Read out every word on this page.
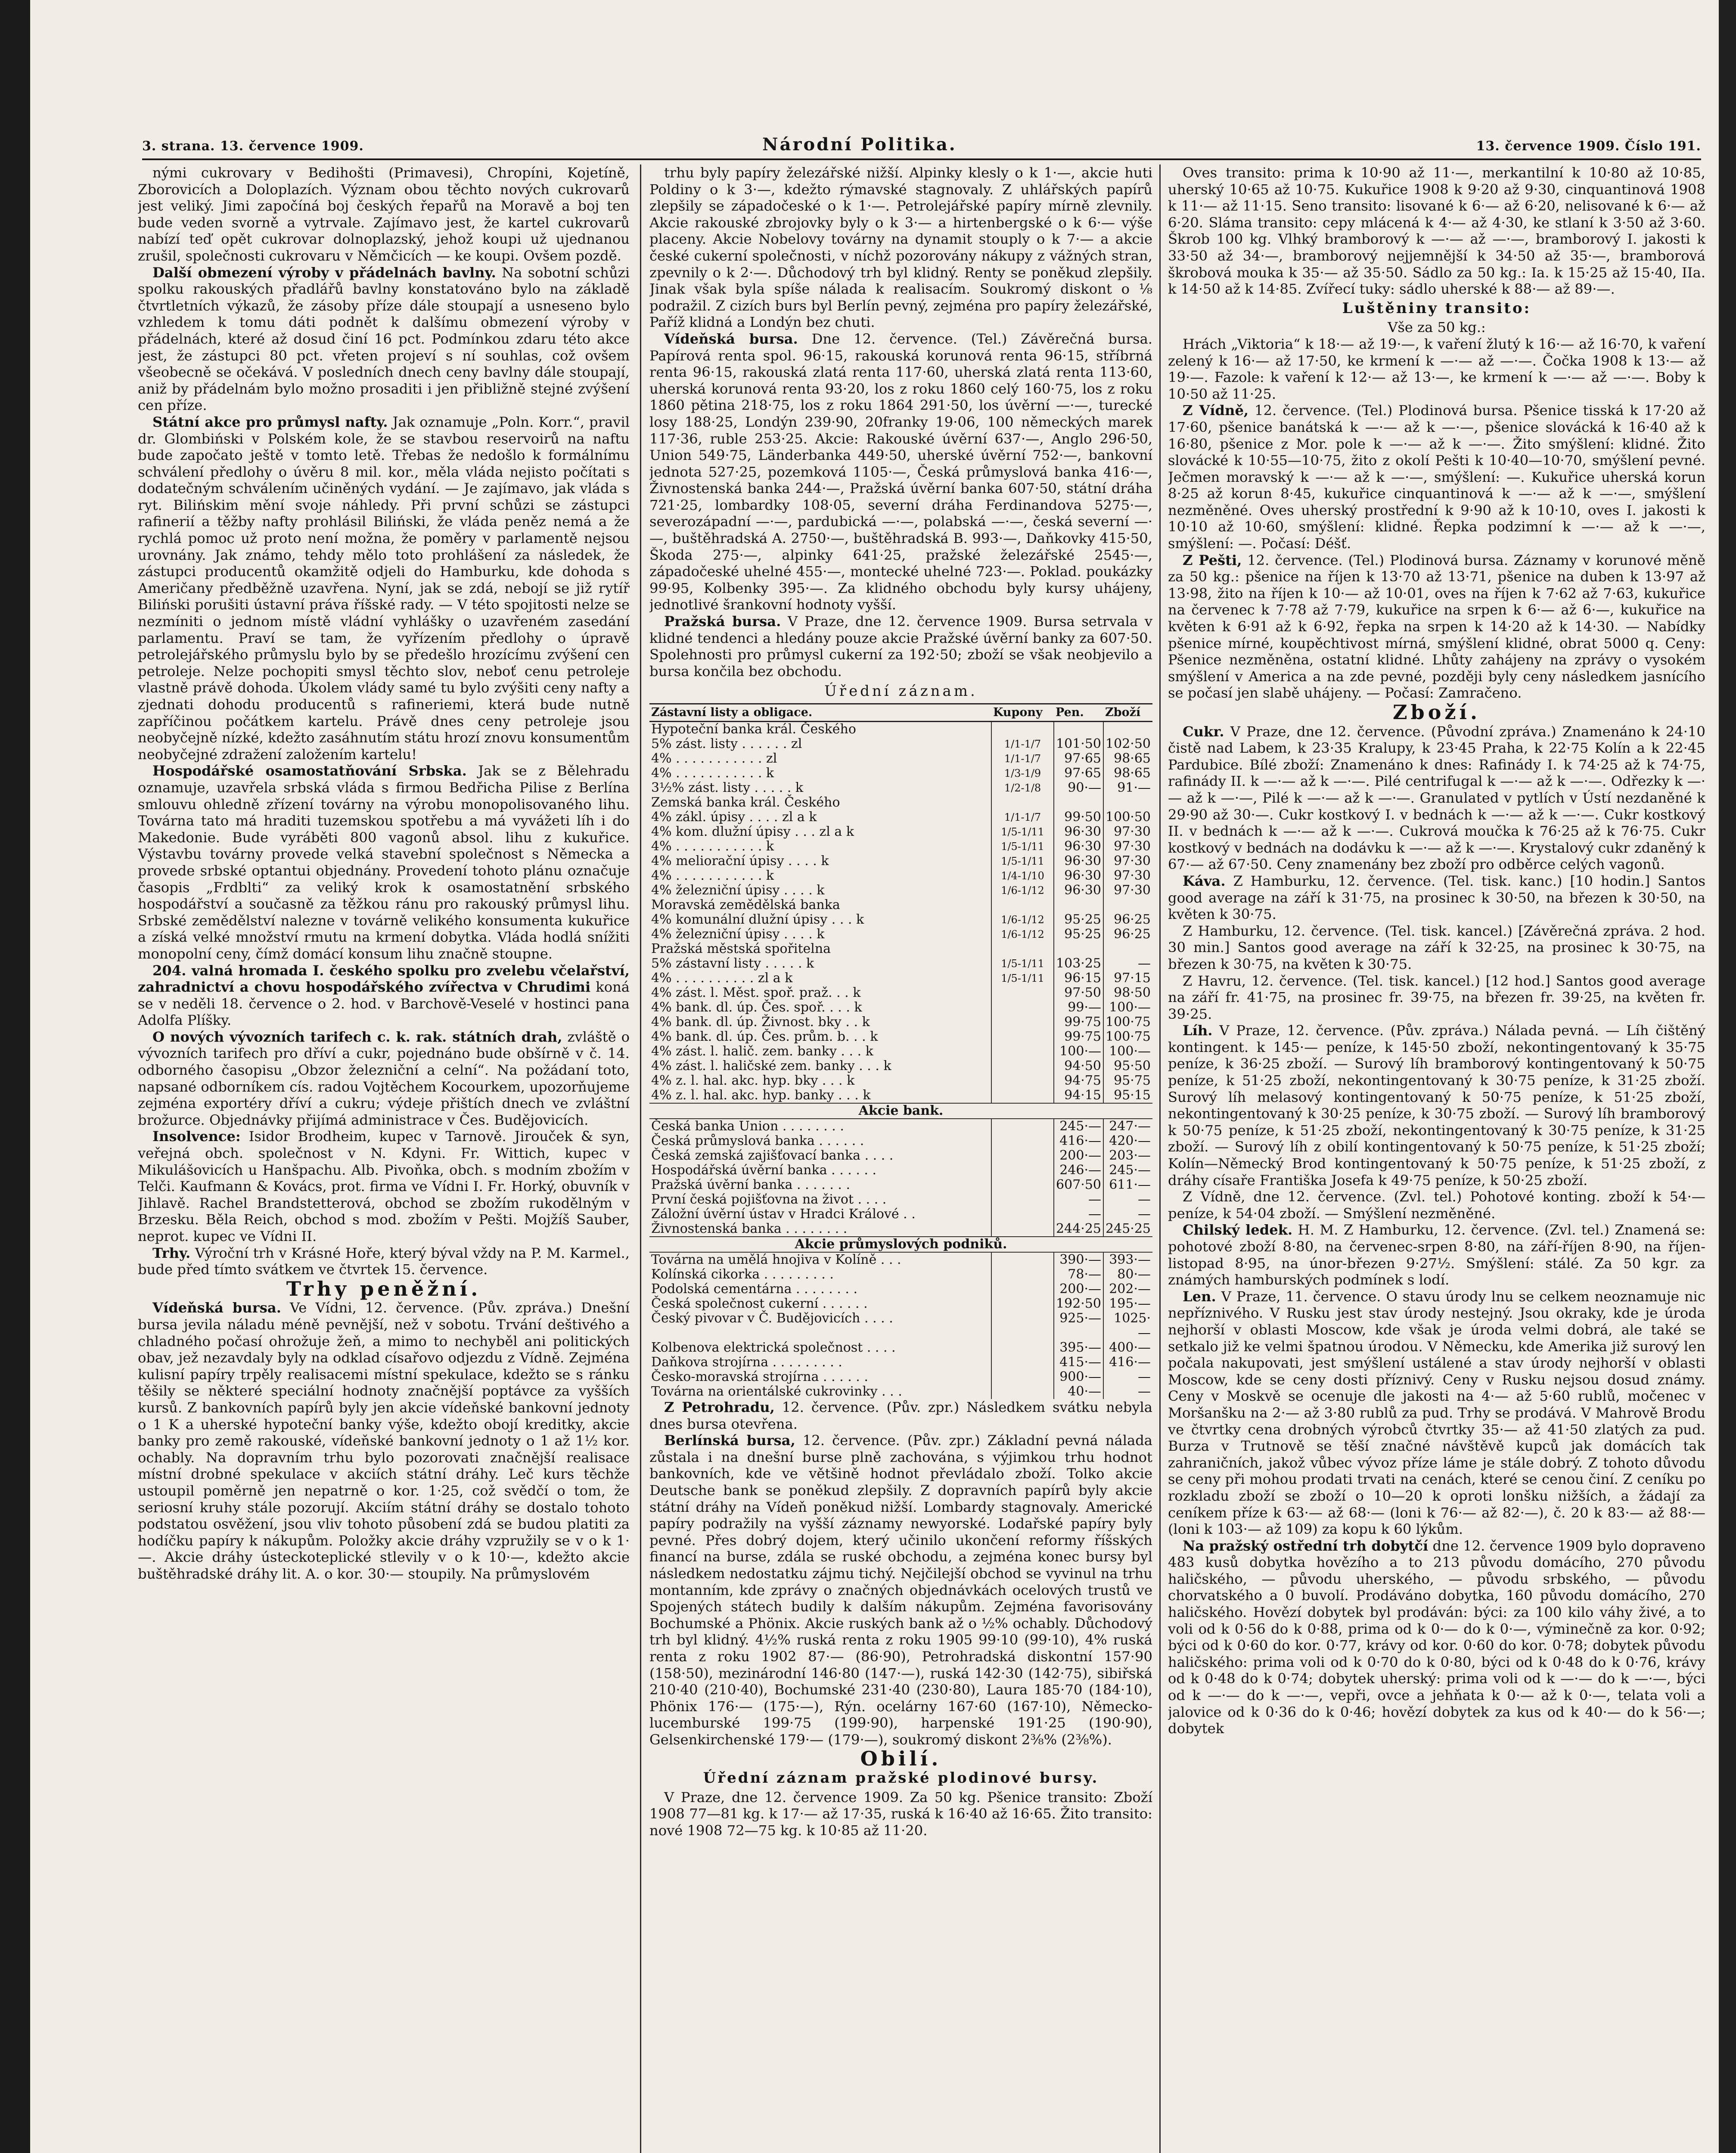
3. strana. 13. července 1909.	Národní Politika.	13. července 1909. Číslo 191.

nými cukrovary v Bedihošti (Primavesi), Chropíni, Kojetíně, Zborovicích a Doloplazích. Význam obou těchto nových cukrovarů jest veliký. Jimi započíná boj českých řepařů na Moravě a boj ten bude veden svorně a vytrvale. Zajímavo jest, že kartel cukrovarů nabízí teď opět cukrovar dolnoplazský, jehož koupi už ujednanou zrušil, společnosti cukrovaru v Němčicích — ke koupi. Ovšem pozdě.

Další obmezení výroby v přádelnách bavlny. Na sobotní schůzi spolku rakouských přadlářů bavlny konstatováno bylo na základě čtvrtletních výkazů, že zásoby příze dále stoupají a usneseno bylo vzhledem k tomu dáti podnět k dalšímu obmezení výroby v přádelnách, které až dosud činí 16 pct. Podmínkou zdaru této akce jest, že zástupci 80 pct. vřeten projeví s ní souhlas, což ovšem všeobecně se očekává. V posledních dnech ceny bavlny dále stoupají, aniž by přádelnám bylo možno prosaditi i jen přibližně stejné zvýšení cen příze.

Státní akce pro průmysl nafty. Jak oznamuje „Poln. Korr.“, pravil dr. Glombiński v Polském kole, že se stavbou reservoirů na naftu bude započato ještě v tomto letě. Třebas že nedošlo k formálnímu schválení předlohy o úvěru 8 mil. kor., měla vláda nejisto počítati s dodatečným schválením učiněných vydání. — Je zajímavo, jak vláda s ryt. Bilińskim mění svoje náhledy. Při první schůzi se zástupci rafinerií a těžby nafty prohlásil Biliński, že vláda peněz nemá a že rychlá pomoc už proto není možna, že poměry v parlamentě nejsou urovnány. Jak známo, tehdy mělo toto prohlášení za následek, že zástupci producentů okamžitě odjeli do Hamburku, kde dohoda s Američany předběžně uzavřena. Nyní, jak se zdá, nebojí se již rytíř Biliński porušiti ústavní práva říšské rady. — V této spojitosti nelze se nezmíniti o jednom místě vládní vyhlášky o uzavřeném zasedání parlamentu. Praví se tam, že vyřízením předlohy o úpravě petrolejářského průmyslu bylo by se předešlo hrozícímu zvýšení cen petroleje. Nelze pochopiti smysl těchto slov, neboť cenu petroleje vlastně právě dohoda. Úkolem vlády samé tu bylo zvýšiti ceny nafty a zjednati dohodu producentů s rafineriemi, která bude nutně zapříčinou počátkem kartelu. Právě dnes ceny petroleje jsou neobyčejně nízké, kdežto zasáhnutím státu hrozí znovu konsumentům neobyčejné zdražení založením kartelu!

Hospodářské osamostatňování Srbska. Jak se z Bělehradu oznamuje, uzavřela srbská vláda s firmou Bedřicha Pilise z Berlína smlouvu ohledně zřízení továrny na výrobu monopolisovaného lihu. Továrna tato má hraditi tuzemskou spotřebu a má vyvážeti líh i do Makedonie. Bude vyráběti 800 vagonů absol. lihu z kukuřice. Výstavbu továrny provede velká stavební společnost s Německa a provede srbské optantui objednány. Provedení tohoto plánu označuje časopis „Frdblti“ za veliký krok k osamostatnění srbského hospodářství a současně za těžkou ránu pro rakouský průmysl lihu. Srbské zemědělství nalezne v továrně velikého konsumenta kukuřice a získá velké množství rmutu na krmení dobytka. Vláda hodlá snížiti monopolní ceny, čímž domácí konsum lihu značně stoupne.

204. valná hromada I. českého spolku pro zvelebu včelařství, zahradnictví a chovu hospodářského zvířectva v Chrudimi koná se v neděli 18. července o 2. hod. v Barchově-Veselé v hostinci pana Adolfa Plíšky.

O nových vývozních tarifech c. k. rak. státních drah, zvláště o vývozních tarifech pro dříví a cukr, pojednáno bude obšírně v č. 14. odborného časopisu „Obzor železniční a celní“. Na požádaní toto, napsané odborníkem cís. radou Vojtěchem Kocourkem, upozorňujeme zejména exportéry dříví a cukru; výdeje přištích dnech ve zvláštní brožurce. Objednávky přijímá administrace v Čes. Budějovicích.

Insolvence: Isidor Brodheim, kupec v Tarnově. Jirouček & syn, veřejná obch. společnost v N. Kdyni. Fr. Wittich, kupec v Mikulášovicích u Hanšpachu. Alb. Pivoňka, obch. s modním zbožím v Telči. Kaufmann & Kovács, prot. firma ve Vídni I. Fr. Horký, obuvník v Jihlavě. Rachel Brandstetterová, obchod se zbožím rukodělným v Brzesku. Běla Reich, obchod s mod. zbožím v Pešti. Mojžíš Sauber, neprot. kupec ve Vídni II.

Trhy. Výroční trh v Krásné Hoře, který býval vždy na P. M. Karmel., bude před tímto svátkem ve čtvrtek 15. července.

Trhy peněžní.

Vídeňská bursa. Ve Vídni, 12. července. (Pův. zpráva.) Dnešní bursa jevila náladu méně pevnější, než v sobotu. Trvání deštivého a chladného počasí ohrožuje žeň, a mimo to nechyběl ani politických obav, jež nezavdaly byly na odklad císařovo odjezdu z Vídně. Zejména kulisní papíry trpěly realisacemi místní spekulace, kdežto se s ránku těšily se některé speciální hodnoty značnější poptávce za vyšších kursů. Z bankovních papírů byly jen akcie vídeňské bankovní jednoty o 1 K a uherské hypoteční banky výše, kdežto obojí kreditky, akcie banky pro země rakouské, vídeňské bankovní jednoty o 1 až 1½ kor. ochably. Na dopravním trhu bylo pozorovati značnější realisace místní drobné spekulace v akciích státní dráhy. Leč kurs těchže ustoupil poměrně jen nepatrně o kor. 1·25, což svědčí o tom, že seriosní kruhy stále pozorují. Akciím státní dráhy se dostalo tohoto podstatou osvěžení, jsou vliv tohoto působení zdá se budou platiti za hodíčku papíry k nákupům. Položky akcie dráhy vzpružily se v o k 1·—. Akcie dráhy ústeckoteplické stlevily v o k 10·—, kdežto akcie buštěhradské dráhy lit. A. o kor. 30·— stoupily. Na průmyslovém

trhu byly papíry železářské nižší. Alpinky klesly o k 1·—, akcie huti Poldiny o k 3·—, kdežto rýmavské stagnovaly. Z uhlářských papírů zlepšily se západočeské o k 1·—. Petrolejářské papíry mírně zlevnily. Akcie rakouské zbrojovky byly o k 3·— a hirtenbergské o k 6·— výše placeny. Akcie Nobelovy továrny na dynamit stouply o k 7·— a akcie české cukerní společnosti, v níchž pozorovány nákupy z vážných stran, zpevnily o k 2·—. Důchodový trh byl klidný. Renty se poněkud zlepšily. Jinak však byla spíše nálada k realisacím. Soukromý diskont o ⅛ podražil. Z cizích burs byl Berlín pevný, zejména pro papíry železářské, Paříž klidná a Londýn bez chuti.

Vídeňská bursa. Dne 12. července. (Tel.) Závěrečná bursa. Papírová renta spol. 96·15, rakouská korunová renta 96·15, stříbrná renta 96·15, rakouská zlatá renta 117·60, uherská zlatá renta 113·60, uherská korunová renta 93·20, los z roku 1860 celý 160·75, los z roku 1860 pětina 218·75, los z roku 1864 291·50, los úvěrní —·—, turecké losy 188·25, Londýn 239·90, 20franky 19·06, 100 německých marek 117·36, ruble 253·25. Akcie: Rakouské úvěrní 637·—, Anglo 296·50, Union 549·75, Länderbanka 449·50, uherské úvěrní 752·—, bankovní jednota 527·25, pozemková 1105·—, Česká průmyslová banka 416·—, Živnostenská banka 244·—, Pražská úvěrní banka 607·50, státní dráha 721·25, lombardky 108·05, severní dráha Ferdinandova 5275·—, severozápadní —·—, pardubická —·—, polabská —·—, česká severní —·—, buštěhradská A. 2750·—, buštěhradská B. 993·—, Daňkovky 415·50, Škoda 275·—, alpinky 641·25, pražské železářské 2545·—, západočeské uhelné 455·—, montecké uhelné 723·—. Poklad. poukázky 99·95, Kolbenky 395·—. Za klidného obchodu byly kursy uhájeny, jednotlivé šrankovní hodnoty vyšší.

Pražská bursa. V Praze, dne 12. července 1909. Bursa setrvala v klidné tendenci a hledány pouze akcie Pražské úvěrní banky za 607·50. Spolehnosti pro průmysl cukerní za 192·50; zboží se však neobjevilo a bursa končila bez obchodu.

Úřední záznam.
Zástavní listy a obligace.	Kupony	Pen.	Zboží
Hypoteční banka král. Českého			
5% zást. listy . . . . . . zl	1/1-1/7	101·50	102·50
4% . . . . . . . . . . . zl	1/1-1/7	97·65	98·65
4% . . . . . . . . . . . k	1/3-1/9	97·65	98·65
3½% zást. listy . . . . . k	1/2-1/8	90·—	91·—
Zemská banka král. Českého			
4% zákl. úpisy . . . . zl a k	1/1-1/7	99·50	100·50
4% kom. dlužní úpisy . . . zl a k	1/5-1/11	96·30	97·30
4% . . . . . . . . . . . k	1/5-1/11	96·30	97·30
4% meliorační úpisy . . . . k	1/5-1/11	96·30	97·30
4% . . . . . . . . . . . k	1/4-1/10	96·30	97·30
4% železniční úpisy . . . . k	1/6-1/12	96·30	97·30
Moravská zemědělská banka			
4% komunální dlužní úpisy . . . k	1/6-1/12	95·25	96·25
4% železniční úpisy . . . . k	1/6-1/12	95·25	96·25
Pražská městská spořitelna			
5% zástavní listy . . . . . k	1/5-1/11	103·25	—
4% . . . . . . . . . . zl a k	1/5-1/11	96·15	97·15
4% zást. l. Měst. spoř. praž. . . k		97·50	98·50
4% bank. dl. úp. Čes. spoř. . . . k		99·—	100·—
4% bank. dl. úp. Živnost. bky . . k		99·75	100·75
4% bank. dl. úp. Čes. prům. b. . . k		99·75	100·75
4% zást. l. halič. zem. banky . . . k		100·—	100·—
4% zást. l. haličské zem. banky . . . k		94·50	95·50
4% z. l. hal. akc. hyp. bky . . . k		94·75	95·75
4% z. l. hal. akc. hyp. banky . . . k		94·15	95·15
Akcie bank.			
Česká banka Union . . . . . . . .		245·—	247·—
Česká průmyslová banka . . . . . .		416·—	420·—
Česká zemská zajišťovací banka . . . .		200·—	203·—
Hospodářská úvěrní banka . . . . . .		246·—	245·—
Pražská úvěrní banka . . . . . . .		607·50	611·—
První česká pojišťovna na život . . . .		—	—
Záložní úvěrní ústav v Hradci Králové . .		—	—
Živnostenská banka . . . . . . . .		244·25	245·25
Akcie průmyslových podniků.			
Továrna na umělá hnojiva v Kolíně . . .		390·—	393·—
Kolínská cikorka . . . . . . . . .		78·—	80·—
Podolská cementárna . . . . . . . .		200·—	202·—
Česká společnost cukerní . . . . . .		192·50	195·—
Český pivovar v Č. Budějovicích . . . .		925·—	1025·—
Kolbenova elektrická společnost . . . .		395·—	400·—
Daňkova strojírna . . . . . . . . .		415·—	416·—
Česko-moravská strojírna . . . . . .		900·—	—
Továrna na orientálské cukrovinky . . .		40·—	—

Z Petrohradu, 12. července. (Pův. zpr.) Následkem svátku nebyla dnes bursa otevřena.

Berlínská bursa, 12. července. (Pův. zpr.) Základní pevná nálada zůstala i na dnešní burse plně zachována, s výjimkou trhu hodnot bankovních, kde ve většině hodnot převládalo zboží. Tolko akcie Deutsche bank se poněkud zlepšily. Z dopravních papírů byly akcie státní dráhy na Vídeň poněkud nižší. Lombardy stagnovaly. Americké papíry podražily na vyšší záznamy newyorské. Lodařské papíry byly pevné. Přes dobrý dojem, který učinilo ukončení reformy říšských financí na burse, zdála se ruské obchodu, a zejména konec bursy byl následkem nedostatku zájmu tichý. Nejčilejší obchod se vyvinul na trhu montanním, kde zprávy o značných objednávkách ocelových trustů ve Spojených státech budily k dalším nákupům. Zejména favorisovány Bochumské a Phönix. Akcie ruských bank až o ½% ochably. Důchodový trh byl klidný. 4½% ruská renta z roku 1905 99·10 (99·10), 4% ruská renta z roku 1902 87·— (86·90), Petrohradská diskontní 157·90 (158·50), mezinárodní 146·80 (147·—), ruská 142·30 (142·75), sibiřská 210·40 (210·40), Bochumské 231·40 (230·80), Laura 185·70 (184·10), Phönix 176·— (175·—), Rýn. ocelárny 167·60 (167·10), Německo-lucemburské 199·75 (199·90), harpenské 191·25 (190·90), Gelsenkirchenské 179·— (179·—), soukromý diskont 2⅜% (2⅜%).

Obilí.
Úřední záznam pražské plodinové bursy.

V Praze, dne 12. července 1909. Za 50 kg. Pšenice transito: Zboží 1908 77—81 kg. k 17·— až 17·35, ruská k 16·40 až 16·65. Žito transito: nové 1908 72—75 kg. k 10·85 až 11·20.

Oves transito: prima k 10·90 až 11·—, merkantilní k 10·80 až 10·85, uherský 10·65 až 10·75. Kukuřice 1908 k 9·20 až 9·30, cinquantinová 1908 k 11·— až 11·15. Seno transito: lisované k 6·— až 6·20, nelisované k 6·— až 6·20. Sláma transito: cepy mlácená k 4·— až 4·30, ke stlaní k 3·50 až 3·60. Škrob 100 kg. Vlhký bramborový k —·— až —·—, bramborový I. jakosti k 33·50 až 34·—, bramborový nejjemnější k 34·50 až 35·—, bramborová škrobová mouka k 35·— až 35·50. Sádlo za 50 kg.: Ia. k 15·25 až 15·40, IIa. k 14·50 až k 14·85. Zvířecí tuky: sádlo uherské k 88·— až 89·—.

Luštěniny transito:
Vše za 50 kg.:

Hrách „Viktoria“ k 18·— až 19·—, k vaření žlutý k 16·— až 16·70, k vaření zelený k 16·— až 17·50, ke krmení k —·— až —·—. Čočka 1908 k 13·— až 19·—. Fazole: k vaření k 12·— až 13·—, ke krmení k —·— až —·—. Boby k 10·50 až 11·25.

Z Vídně, 12. července. (Tel.) Plodinová bursa. Pšenice tisská k 17·20 až 17·60, pšenice banátská k —·— až k —·—, pšenice slovácká k 16·40 až k 16·80, pšenice z Mor. pole k —·— až k —·—. Žito smýšlení: klidné. Žito slovácké k 10·55—10·75, žito z okolí Pešti k 10·40—10·70, smýšlení pevné. Ječmen moravský k —·— až k —·—, smýšlení: —. Kukuřice uherská korun 8·25 až korun 8·45, kukuřice cinquantinová k —·— až k —·—, smýšlení nezměněné. Oves uherský prostřední k 9·90 až k 10·10, oves I. jakosti k 10·10 až 10·60, smýšlení: klidné. Řepka podzimní k —·— až k —·—, smýšlení: —. Počasí: Déšť.

Z Pešti, 12. července. (Tel.) Plodinová bursa. Záznamy v korunové měně za 50 kg.: pšenice na říjen k 13·70 až 13·71, pšenice na duben k 13·97 až 13·98, žito na říjen k 10·— až 10·01, oves na říjen k 7·62 až 7·63, kukuřice na červenec k 7·78 až 7·79, kukuřice na srpen k 6·— až 6·—, kukuřice na květen k 6·91 až k 6·92, řepka na srpen k 14·20 až k 14·30. — Nabídky pšenice mírné, koupěchtivost mírná, smýšlení klidné, obrat 5000 q. Ceny: Pšenice nezměněna, ostatní klidné. Lhůty zahájeny na zprávy o vysokém smýšlení v America a na zde pevné, později byly ceny následkem jasnícího se počasí jen slabě uhájeny. — Počasí: Zamračeno.

Zboží.

Cukr. V Praze, dne 12. července. (Původní zpráva.) Znamenáno k 24·10 čistě nad Labem, k 23·35 Kralupy, k 23·45 Praha, k 22·75 Kolín a k 22·45 Pardubice. Bílé zboží: Znamenáno k dnes: Rafinády I. k 74·25 až k 74·75, rafinády II. k —·— až k —·—. Pilé centrifugal k —·— až k —·—. Odřezky k —·— až k —·—, Pilé k —·— až k —·—. Granulated v pytlích v Ústí nezdaněné k 29·90 až 30·—. Cukr kostkový I. v bednách k —·— až k —·—. Cukr kostkový II. v bednách k —·— až k —·—. Cukrová moučka k 76·25 až k 76·75. Cukr kostkový v bednách na dodávku k —·— až k —·—. Krystalový cukr zdaněný k 67·— až 67·50. Ceny znamenány bez zboží pro odběrce celých vagonů.

Káva. Z Hamburku, 12. července. (Tel. tisk. kanc.) [10 hodin.] Santos good average na září k 31·75, na prosinec k 30·50, na březen k 30·50, na květen k 30·75.

Z Hamburku, 12. července. (Tel. tisk. kancel.) [Závěrečná zpráva. 2 hod. 30 min.] Santos good average na září k 32·25, na prosinec k 30·75, na březen k 30·75, na květen k 30·75.

Z Havru, 12. července. (Tel. tisk. kancel.) [12 hod.] Santos good average na září fr. 41·75, na prosinec fr. 39·75, na březen fr. 39·25, na květen fr. 39·25.

Líh. V Praze, 12. července. (Pův. zpráva.) Nálada pevná. — Líh čištěný kontingent. k 145·— peníze, k 145·50 zboží, nekontingentovaný k 35·75 peníze, k 36·25 zboží. — Surový líh bramborový kontingentovaný k 50·75 peníze, k 51·25 zboží, nekontingentovaný k 30·75 peníze, k 31·25 zboží. Surový líh melasový kontingentovaný k 50·75 peníze, k 51·25 zboží, nekontingentovaný k 30·25 peníze, k 30·75 zboží. — Surový líh bramborový k 50·75 peníze, k 51·25 zboží, nekontingentovaný k 30·75 peníze, k 31·25 zboží. — Surový líh z obilí kontingentovaný k 50·75 peníze, k 51·25 zboží; Kolín—Německý Brod kontingentovaný k 50·75 peníze, k 51·25 zboží, z dráhy císaře Františka Josefa k 49·75 peníze, k 50·25 zboží.

Z Vídně, dne 12. července. (Zvl. tel.) Pohotové konting. zboží k 54·— peníze, k 54·04 zboží. — Smýšlení nezměněné.

Chilský ledek. H. M. Z Hamburku, 12. července. (Zvl. tel.) Znamená se: pohotové zboží 8·80, na červenec-srpen 8·80, na září-říjen 8·90, na říjen-listopad 8·95, na únor-březen 9·27½. Smýšlení: stálé. Za 50 kgr. za známých hamburských podmínek s lodí.

Len. V Praze, 11. července. O stavu úrody lnu se celkem neoznamuje nic nepříznivého. V Rusku jest stav úrody nestejný. Jsou okraky, kde je úroda nejhorší v oblasti Moscow, kde však je úroda velmi dobrá, ale také se setkalo již ke velmi špatnou úrodou. V Německu, kde Amerika již surový len počala nakupovati, jest smýšlení ustálené a stav úrody nejhorší v oblasti Moscow, kde se ceny dosti příznivý. Ceny v Rusku nejsou dosud známy. Ceny v Moskvě se ocenuje dle jakosti na 4·— až 5·60 rublů, močenec v Moršanšku na 2·— až 3·80 rublů za pud. Trhy se prodává. V Mahrově Brodu ve čtvrtky cena drobných výrobců čtvrtky 35·— až 41·50 zlatých za pud. Burza v Trutnově se těší značné návštěvě kupců jak domácích tak zahraničních, jakož vůbec vývoz příze láme je stále dobrý. Z tohoto důvodu se ceny při mohou prodati trvati na cenách, které se cenou činí. Z ceníku po rozkladu zboží se zboží o 10—20 k oproti lonšku nižších, a žádají za ceníkem příze k 63·— až 68·— (loni k 76·— až 82·—), č. 20 k 83·— až 88·— (loni k 103·— až 109) za kopu k 60 lýkům.

Na pražský ostřední trh dobytčí dne 12. července 1909 bylo dopraveno 483 kusů dobytka hovězího a to 213 původu domácího, 270 původu haličského, — původu uherského, — původu srbského, — původu chorvatského a 0 buvolí. Prodáváno dobytka, 160 původu domácího, 270 haličského. Hovězí dobytek byl prodáván: býci: za 100 kilo váhy živé, a to voli od k 0·56 do k 0·88, prima od k 0·— do k 0·—, výminečně za kor. 0·92; býci od k 0·60 do kor. 0·77, krávy od kor. 0·60 do kor. 0·78; dobytek původu haličského: prima voli od k 0·70 do k 0·80, býci od k 0·48 do k 0·76, krávy od k 0·48 do k 0·74; dobytek uherský: prima voli od k —·— do k —·—, býci od k —·— do k —·—, vepři, ovce a jehňata k 0·— až k 0·—, telata voli a jalovice od k 0·36 do k 0·46; hovězí dobytek za kus od k 40·— do k 56·—; dobytek
